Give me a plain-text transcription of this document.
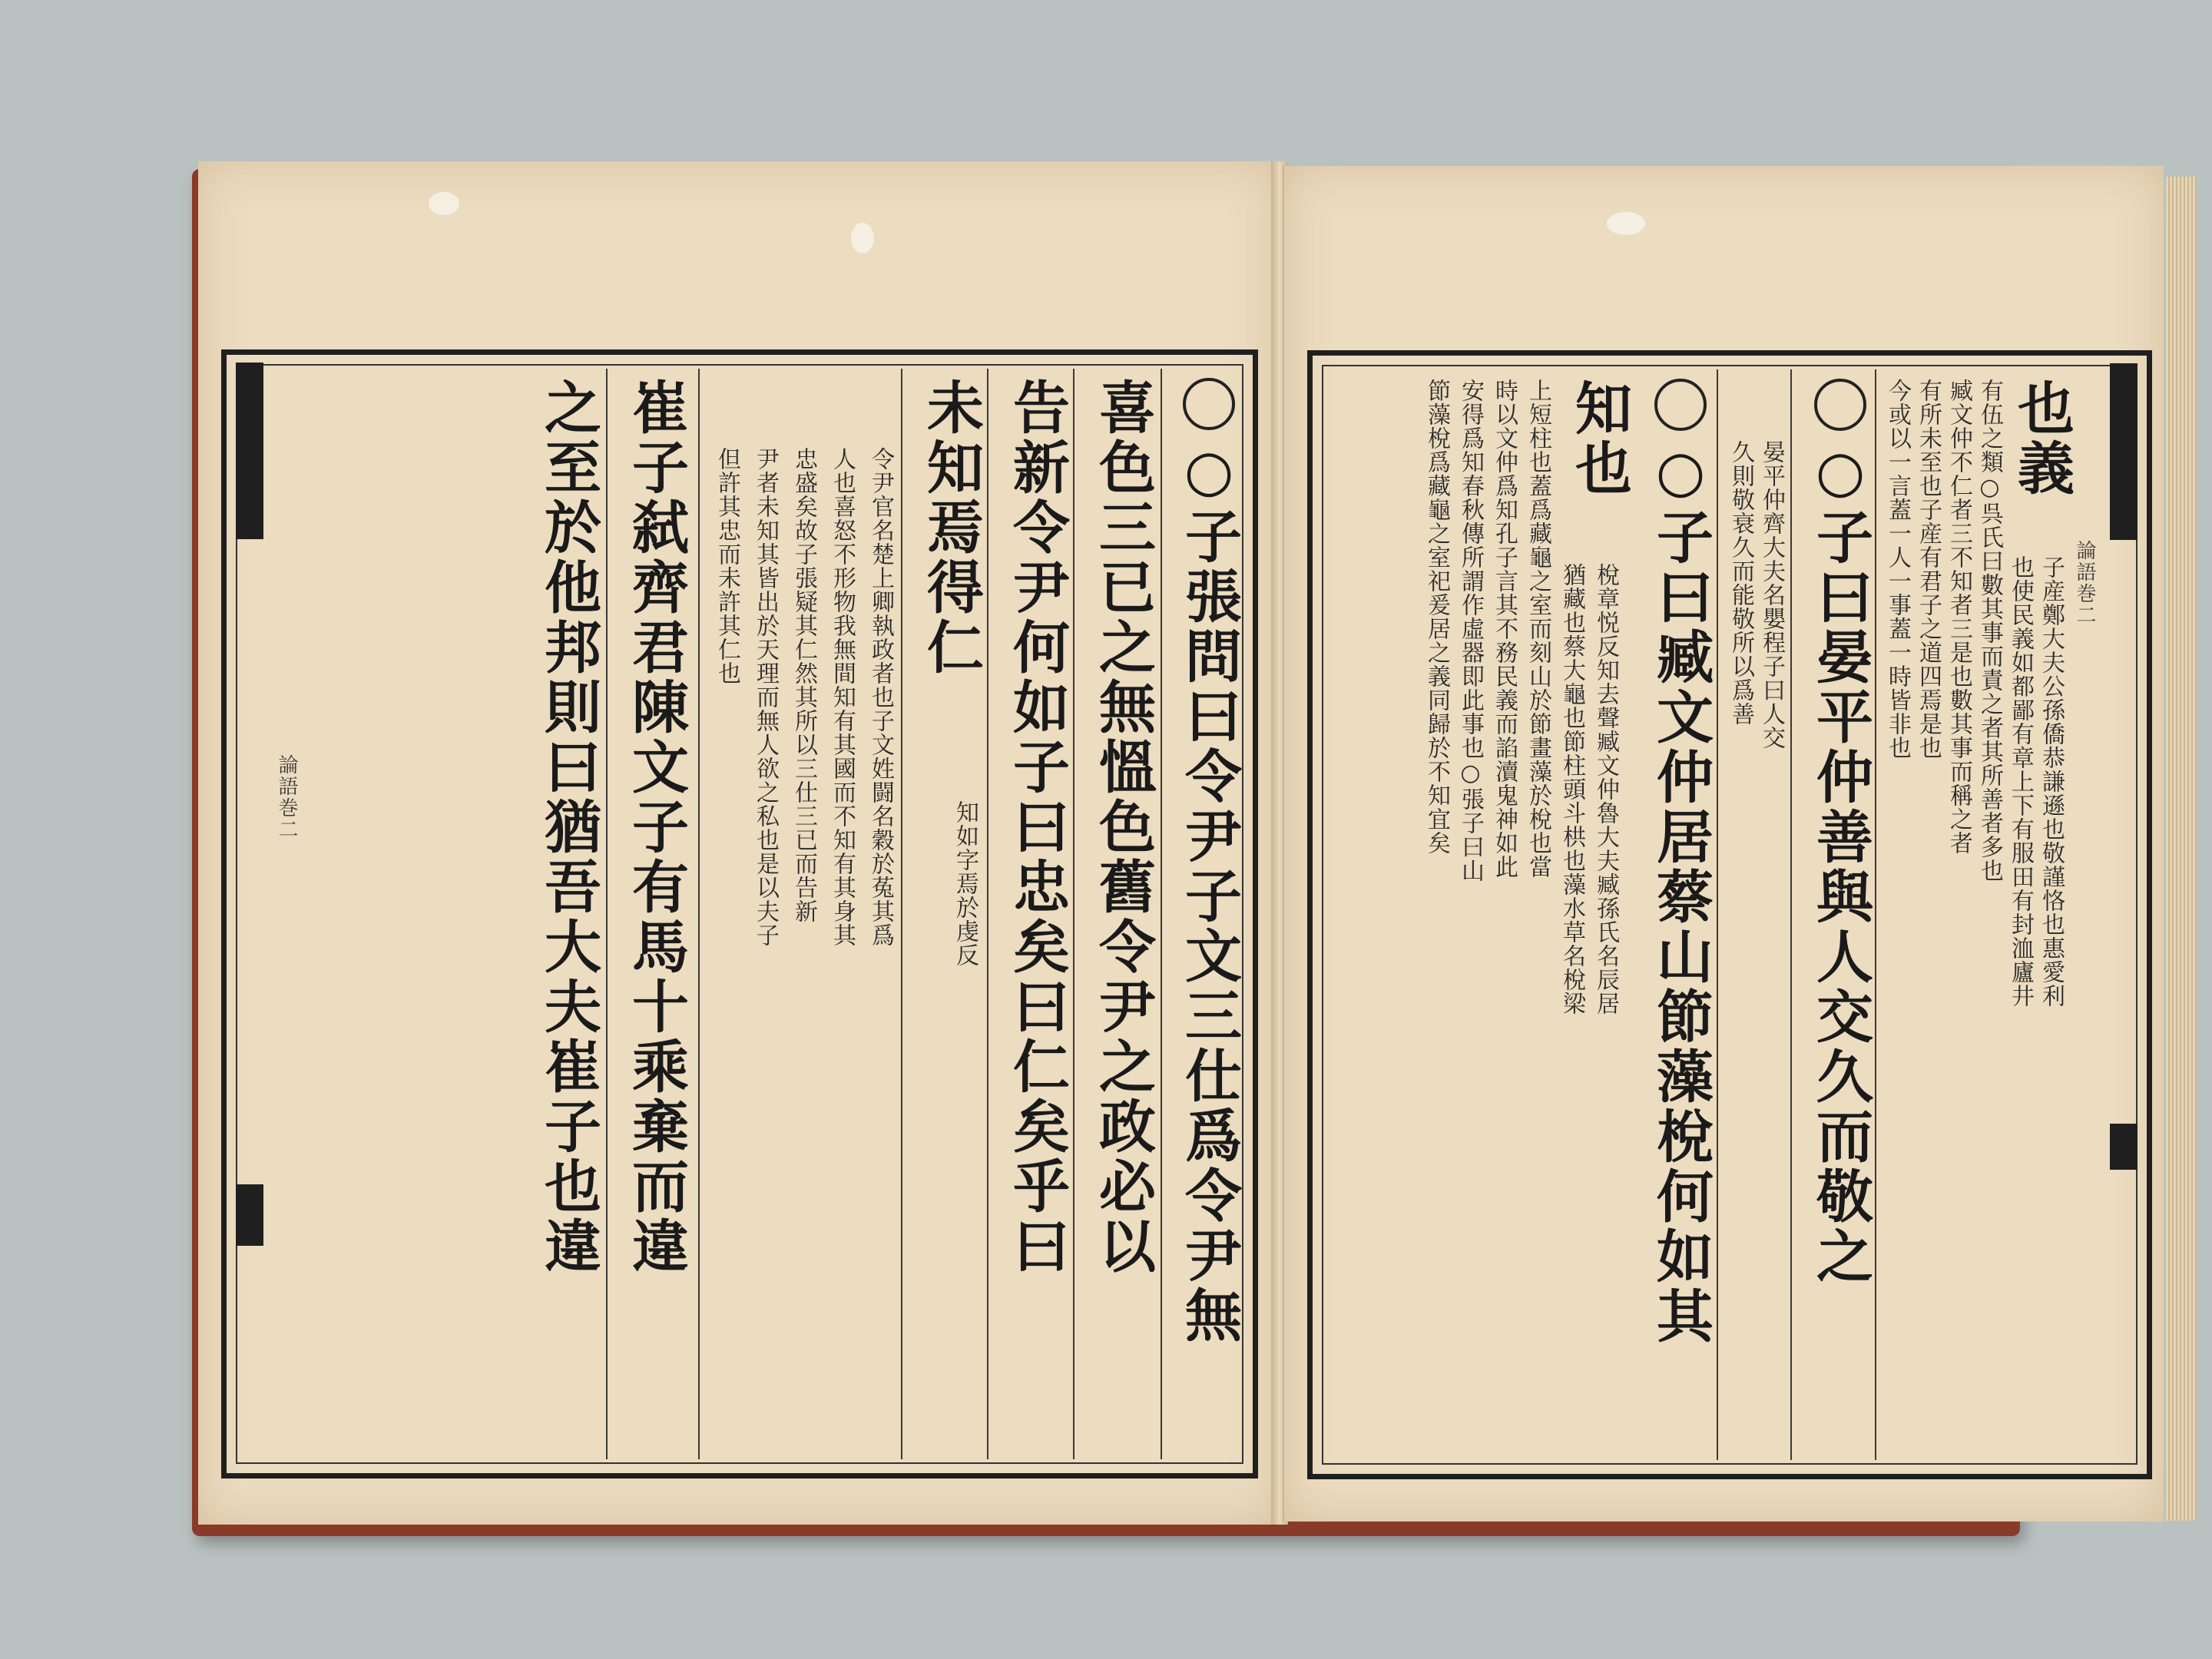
論語巻二	○子張問曰令尹子文三仕爲令尹無
喜色三已之無慍色舊令尹之政必以
告新令尹何如子曰忠矣曰仁矣乎曰
未知焉得仁
知如字焉於虔反
令尹官名楚上卿執政者也子文姓闘名穀於菟其爲
人也喜怒不形物我無間知有其國而不知有其身其
忠盛矣故子張疑其仁然其所以三仕三已而告新
尹者未知其皆出於天理而無人欲之私也是以夫子
但許其忠而未許其仁也
崔子弑齊君陳文子有馬十乘棄而違
之至於他邦則曰猶吾大夫崔子也違	論語巻二
也義
子産鄭大夫公孫僑恭謙遜也敬謹恪也惠愛利
也使民義如都鄙有章上下有服田有封洫廬井
有伍之類○呉氏曰數其事而責之者其所善者多也
臧文仲不仁者三不知者三是也數其事而稱之者
有所未至也子産有君子之道四焉是也
今或以一言蓋一人一事蓋一時皆非也
○子曰晏平仲善與人交久而敬之
晏平仲齊大夫名嬰程子曰人交
久則敬衰久而能敬所以爲善
○子曰臧文仲居蔡山節藻梲何如其
知也
梲章悦反知去聲臧文仲魯大夫臧孫氏名辰居
猶藏也蔡大龜也節柱頭斗栱也藻水草名梲梁
上短柱也蓋爲藏龜之室而刻山於節畫藻於梲也當
時以文仲爲知孔子言其不務民義而諂瀆鬼神如此
安得爲知春秋傳所謂作虛器即此事也○張子曰山
節藻梲爲藏龜之室祀爰居之義同歸於不知宜矣
